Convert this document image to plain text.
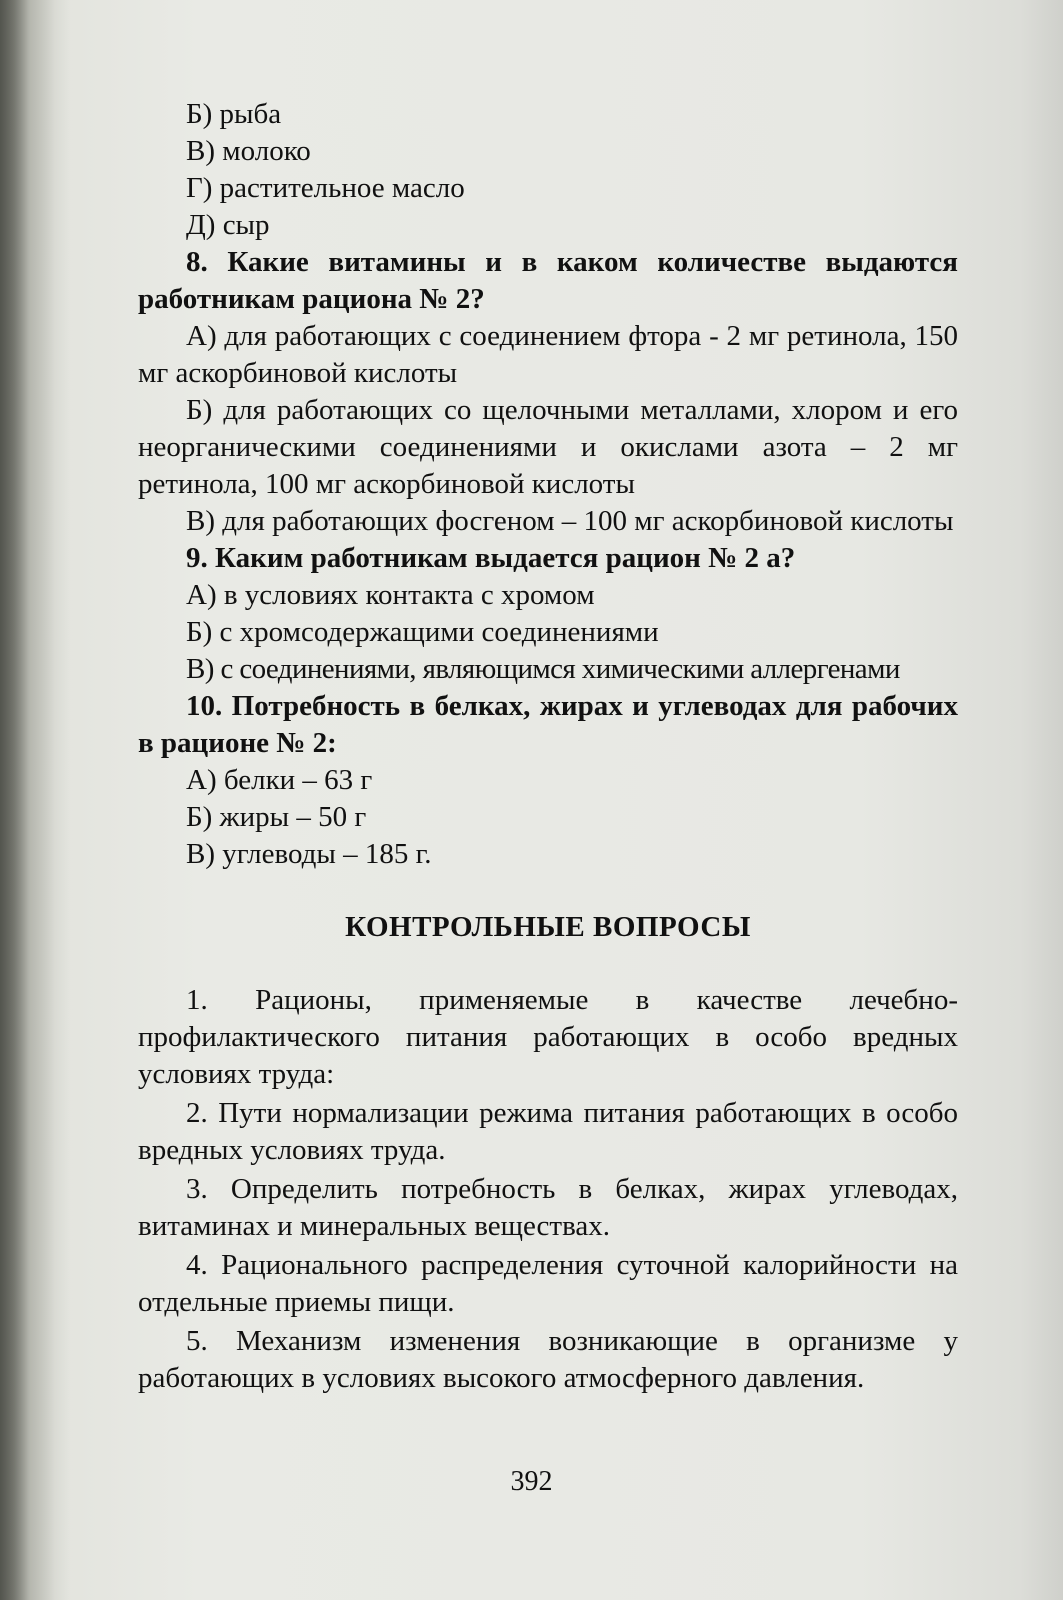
Б) рыба

В) молоко

Г) растительное масло

Д) сыр

8. Какие витамины и в каком количестве выдаются работникам рациона № 2?

А) для работающих с соединением фтора - 2 мг ретинола, 150 мг аскорбиновой кислоты

Б) для работающих со щелочными металлами, хлором и его неорганическими соединениями и окислами азота – 2 мг ретинола, 100 мг аскорбиновой кислоты

В) для работающих фосгеном – 100 мг аскорбиновой кислоты

9. Каким работникам выдается рацион № 2 а?

А) в условиях контакта с хромом

Б) с хромсодержащими соединениями

В) с соединениями, являющимся химическими аллергенами

10. Потребность в белках, жирах и углеводах для рабочих в рационе № 2:

А) белки – 63 г

Б) жиры – 50 г

В) углеводы – 185 г.

КОНТРОЛЬНЫЕ ВОПРОСЫ

1. Рационы, применяемые в качестве лечебно-профилактического питания работающих в особо вредных условиях труда:

2. Пути нормализации режима питания работающих в особо вредных условиях труда.

3. Определить потребность в белках, жирах углеводах, витаминах и минеральных веществах.

4. Рационального распределения суточной калорийности на отдельные приемы пищи.

5. Механизм изменения возникающие в организме у работающих в условиях высокого атмосферного давления.

392
